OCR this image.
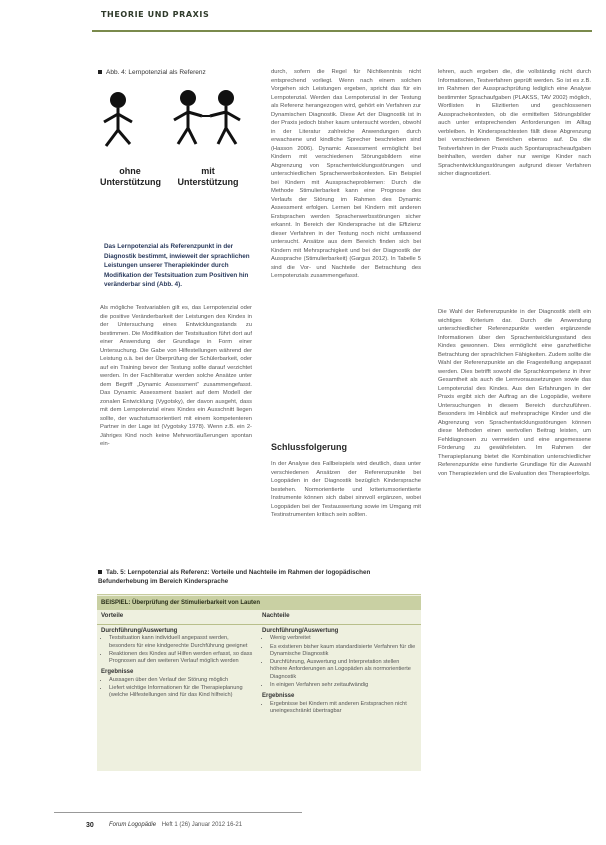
THEORIE UND PRAXIS
Abb. 4: Lernpotenzial als Referenz
ohne
Unterstützung
mit
Unterstützung
Das Lernpotenzial als Referenzpunkt in der Diagnostik bestimmt, inwieweit der sprachlichen Leistungen unserer Therapiekinder durch Modifikation der Testsituation zum Positiven hin veränderbar sind (Abb. 4).
Als mögliche Testvariablen gilt es, das Lernpotenzial oder die positive Veränderbarkeit der Leistungen des Kindes in der Untersuchung eines Entwicklungsstands zu bestimmen. Die Modifikation der Testsituation führt dort auf einer Anwendung der Grundlage in Form einer Untersuchung. Die Gabe von Hilfestellungen während der Leistung o.ä. bei der Überprüfung der Schülerbarkeit, oder auf ein Training bevor der Testung sollte darauf verzichtet werden. In der Fachliteratur werden solche Ansätze unter dem Begriff „Dynamic Assessment“ zusammengefasst. Das Dynamic Assessment basiert auf dem Modell der zonalen Entwicklung (Vygotsky), der davon ausgeht, dass mit dem Lernpotenzial eines Kindes ein Ausschnitt liegen sollte, der wachstumsorientiert mit einem kompetenteren Partner in der Lage ist (Vygotsky 1978). Wenn z.B. ein 2-Jähriges Kind noch keine Mehrwortäußerungen spontan ein-
durch, sofern die Regel für Nichtkenntnis nicht entsprechend vorliegt. Wenn nach einem solchen Vorgehen sich Leistungen ergeben, spricht das für ein Lernpotenzial. Werden das Lernpotenzial in der Testung als Referenz herangezogen wird, gehört ein Verfahren zur Dynamischen Diagnostik. Diese Art der Diagnostik ist in der Praxis jedoch bisher kaum untersucht worden, obwohl in der Literatur zahlreiche Anwendungen durch erwachsene und kindliche Sprecher beschrieben sind (Hasson 2006). Dynamic Assessment ermöglicht bei Kindern mit verschiedenen Störungsbildern eine Abgrenzung von Sprachentwicklungsstörungen und unterschiedlichen Spracherwerbskontexten. Ein Beispiel bei Kindern mit Ausspracheproblemen: Durch die Methode Stimulierbarkeit kann eine Prognose des Verlaufs der Störung im Rahmen des Dynamic Assessment erfolgen. Lernen bei Kindern mit anderen Erstsprachen werden Spracherwerbsstörungen sicher erkannt. In Bereich der Kindersprache ist die Effizienz dieser Verfahren in der Testung noch nicht umfassend untersucht. Ansätze aus dem Bereich finden sich bei Kindern mit Mehrsprachigkeit und bei der Diagnostik der Aussprache (Stimulierbarkeit) (Gargus 2012). In Tabelle 5 sind die Vor- und Nachteile der Betrachtung des Lernpotenzials zusammengefasst.
Schlussfolgerung
In der Analyse des Fallbeispiels wird deutlich, dass unter verschiedenen Ansätzen der Referenzpunkte bei Logopäden in der Diagnostik bezüglich Kindersprache bestehen. Normorientierte und kriteriumsorientierte Instrumente können sich dabei sinnvoll ergänzen, wobei Logopäden bei der Testauswertung sowie im Umgang mit Testinstrumenten kritisch sein sollten.
lehren, auch ergeben die, die vollständig nicht durch Informationen, Testverfahren geprüft werden. So ist es z.B. im Rahmen der Aussprachprüfung lediglich eine Analyse bestimmter Sprachaufgaben (PLAKSS, TAV 2002) möglich, Wortlisten in Elizitierten und geschlossenen Aussprachekontexten, ob die ermittelten Störungsbilder auch unter entsprechenden Anforderungen im Alltag verbleiben. In Kindersprachtesten fällt diese Abgrenzung bei verschiedenen Bereichen ebenso auf. Da die Testverfahren in der Praxis auch Spontanspracheaufgaben beinhalten, werden daher nur wenige Kinder nach Sprachentwicklungsstörungen aufgrund dieser Verfahren sicher diagnostiziert.
Die Wahl der Referenzpunkte in der Diagnostik stellt ein wichtiges Kriterium dar. Durch die Anwendung unterschiedlicher Referenzpunkte werden ergänzende Informationen über den Sprachentwicklungsstand des Kindes gewonnen. Dies ermöglicht eine ganzheitliche Betrachtung der sprachlichen Fähigkeiten. Zudem sollte die Wahl der Referenzpunkte an die Fragestellung angepasst werden. Dies betrifft sowohl die Sprachkompetenz in ihrer Gesamtheit als auch die Lernvoraussetzungen sowie das Lernpotenzial des Kindes. Aus den Erfahrungen in der Praxis ergibt sich der Auftrag an die Logopädie, weitere Untersuchungen in diesem Bereich durchzuführen. Besonders im Hinblick auf mehrsprachige Kinder und die Abgrenzung von Sprachentwicklungsstörungen können diese Methoden einen wertvollen Beitrag leisten, um Fehldiagnosen zu vermeiden und eine angemessene Förderung zu gewährleisten. Im Rahmen der Therapieplanung bietet die Kombination unterschiedlicher Referenzpunkte eine fundierte Grundlage für die Auswahl von Therapiezielen und die Evaluation des Therapieerfolgs.
Tab. 5: Lernpotenzial als Referenz: Vorteile und Nachteile im Rahmen der logopädischen Befunderhebung im Bereich Kindersprache
BEISPIEL: Überprüfung der Stimulierbarkeit von Lauten
Vorteile	Nachteile
Durchführung/Auswertung
• Testsituation kann individuell angepasst werden, besonders für eine kindgerechte Durchführung geeignet
• Reaktionen des Kindes auf Hilfen werden erfasst, so dass Prognosen auf den weiteren Verlauf möglich werden
Ergebnisse
• Aussagen über den Verlauf der Störung möglich
• Liefert wichtige Informationen für die Therapieplanung (welche Hilfestellungen sind für das Kind hilfreich)
Durchführung/Auswertung
• Wenig verbreitet
• Es existieren bisher kaum standardisierte Verfahren für die Dynamische Diagnostik
• Durchführung, Auswertung und Interpretation stellen höhere Anforderungen an Logopäden als normorientierte Diagnostik
• In einigen Verfahren sehr zeitaufwändig
Ergebnisse
• Ergebnisse bei Kindern mit anderen Erstsprachen nicht uneingeschränkt übertragbar
30	Forum Logopädie Heft 1 (26) Januar 2012 16-21
